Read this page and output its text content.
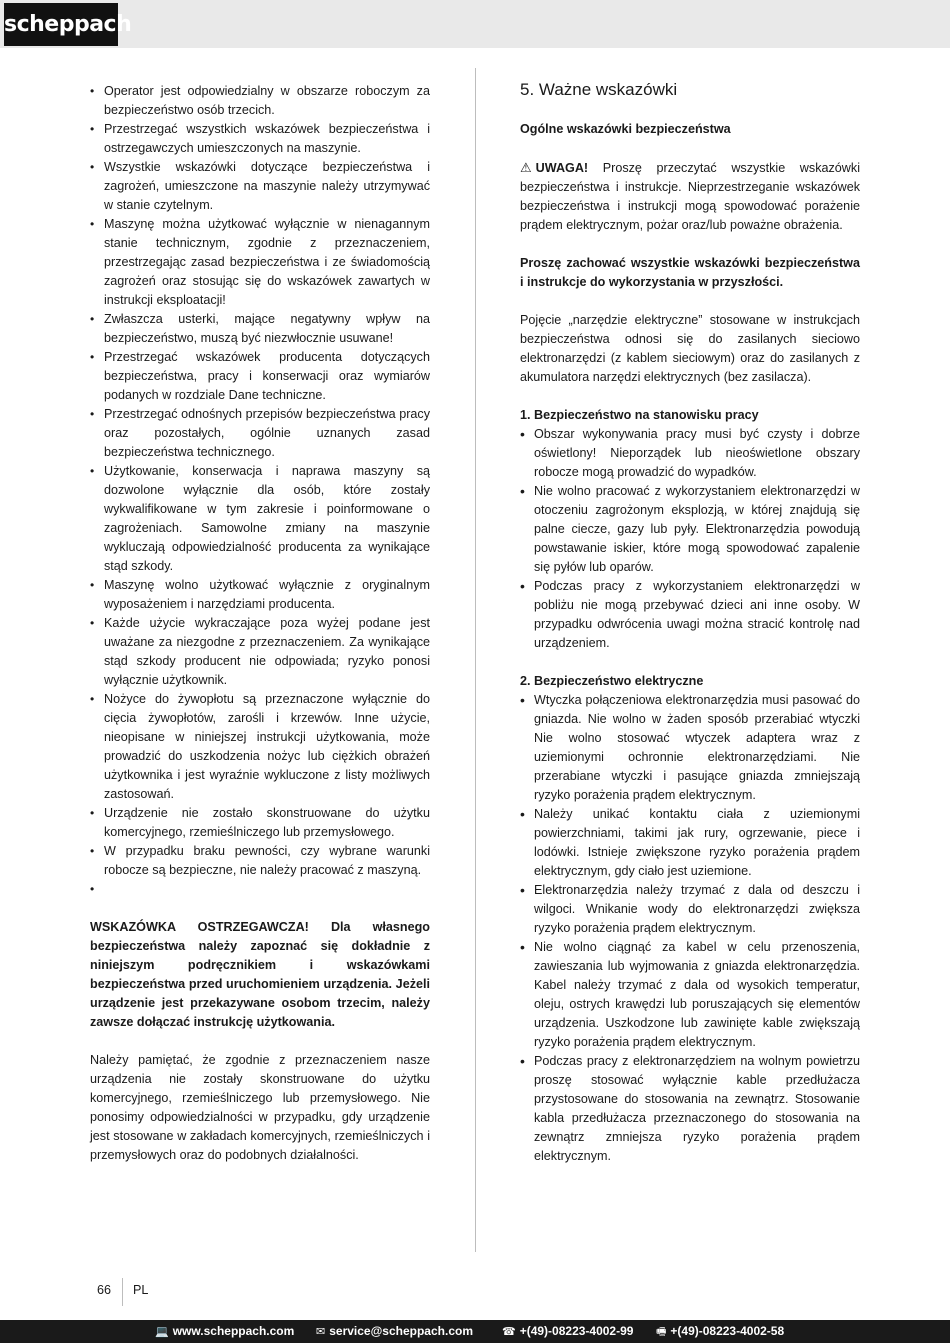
scheppach
• Operator jest odpowiedzialny w obszarze roboczym za bezpieczeństwo osób trzecich.
• Przestrzegać wszystkich wskazówek bezpieczeństwa i ostrzegawczych umieszczonych na maszynie.
• Wszystkie wskazówki dotyczące bezpieczeństwa i zagrożeń, umieszczone na maszynie należy utrzymywać w stanie czytelnym.
• Maszynę można użytkować wyłącznie w nienagannym stanie technicznym, zgodnie z przeznaczeniem, przestrzegając zasad bezpieczeństwa i ze świadomością zagrożeń oraz stosując się do wskazówek zawartych w instrukcji eksploatacji!
• Zwłaszcza usterki, mające negatywny wpływ na bezpieczeństwo, muszą być niezwłocznie usuwane!
• Przestrzegać wskazówek producenta dotyczących bezpieczeństwa, pracy i konserwacji oraz wymiarów podanych w rozdziale Dane techniczne.
• Przestrzegać odnośnych przepisów bezpieczeństwa pracy oraz pozostałych, ogólnie uznanych zasad bezpieczeństwa technicznego.
• Użytkowanie, konserwacja i naprawa maszyny są dozwolone wyłącznie dla osób, które zostały wykwalifikowane w tym zakresie i poinformowane o zagrożeniach. Samowolne zmiany na maszynie wykluczają odpowiedzialność producenta za wynikające stąd szkody.
• Maszynę wolno użytkować wyłącznie z oryginalnym wyposażeniem i narzędziami producenta.
• Każde użycie wykraczające poza wyżej podane jest uważane za niezgodne z przeznaczeniem. Za wynikające stąd szkody producent nie odpowiada; ryzyko ponosi wyłącznie użytkownik.
• Nożyce do żywopłotu są przeznaczone wyłącznie do cięcia żywopłotów, zarośli i krzewów. Inne użycie, nieopisane w niniejszej instrukcji użytkowania, może prowadzić do uszkodzenia nożyc lub ciężkich obrażeń użytkownika i jest wyraźnie wykluczone z listy możliwych zastosowań.
• Urządzenie nie zostało skonstruowane do użytku komercyjnego, rzemieślniczego lub przemysłowego.
• W przypadku braku pewności, czy wybrane warunki robocze są bezpieczne, nie należy pracować z maszyną.
•

WSKAZÓWKA OSTRZEGAWCZA! Dla własnego bezpieczeństwa należy zapoznać się dokładnie z niniejszym podręcznikiem i wskazówkami bezpieczeństwa przed uruchomieniem urządzenia. Jeżeli urządzenie jest przekazywane osobom trzecim, należy zawsze dołączać instrukcję użytkowania.

Należy pamiętać, że zgodnie z przeznaczeniem nasze urządzenia nie zostały skonstruowane do użytku komercyjnego, rzemieślniczego lub przemysłowego. Nie ponosimy odpowiedzialności w przypadku, gdy urządzenie jest stosowane w zakładach komercyjnych, rzemieślniczych i przemysłowych oraz do podobnych działalności.

5. Ważne wskazówki

Ogólne wskazówki bezpieczeństwa

⚠ UWAGA! Proszę przeczytać wszystkie wskazówki bezpieczeństwa i instrukcje. Nieprzestrzeganie wskazówek bezpieczeństwa i instrukcji mogą spowodować porażenie prądem elektrycznym, pożar oraz/lub poważne obrażenia.

Proszę zachować wszystkie wskazówki bezpieczeństwa i instrukcje do wykorzystania w przyszłości.

Pojęcie „narzędzie elektryczne” stosowane w instrukcjach bezpieczeństwa odnosi się do zasilanych sieciowo elektronarzędzi (z kablem sieciowym) oraz do zasilanych z akumulatora narzędzi elektrycznych (bez zasilacza).

1. Bezpieczeństwo na stanowisku pracy
• Obszar wykonywania pracy musi być czysty i dobrze oświetlony! Nieporządek lub nieoświetlone obszary robocze mogą prowadzić do wypadków.
• Nie wolno pracować z wykorzystaniem elektronarzędzi w otoczeniu zagrożonym eksplozją, w której znajdują się palne ciecze, gazy lub pyły. Elektronarzędzia powodują powstawanie iskier, które mogą spowodować zapalenie się pyłów lub oparów.
• Podczas pracy z wykorzystaniem elektronarzędzi w pobliżu nie mogą przebywać dzieci ani inne osoby. W przypadku odwrócenia uwagi można stracić kontrolę nad urządzeniem.
2. Bezpieczeństwo elektryczne
• Wtyczka połączeniowa elektronarzędzia musi pasować do gniazda. Nie wolno w żaden sposób przerabiać wtyczki Nie wolno stosować wtyczek adaptera wraz z uziemionymi ochronnie elektronarzędziami. Nie przerabiane wtyczki i pasujące gniazda zmniejszają ryzyko porażenia prądem elektrycznym.
• Należy unikać kontaktu ciała z uziemionymi powierzchniami, takimi jak rury, ogrzewanie, piece i lodówki. Istnieje zwiększone ryzyko porażenia prądem elektrycznym, gdy ciało jest uziemione.
• Elektronarzędzia należy trzymać z dala od deszczu i wilgoci. Wnikanie wody do elektronarzędzi zwiększa ryzyko porażenia prądem elektrycznym.
• Nie wolno ciągnąć za kabel w celu przenoszenia, zawieszania lub wyjmowania z gniazda elektronarzędzia. Kabel należy trzymać z dala od wysokich temperatur, oleju, ostrych krawędzi lub poruszających się elementów urządzenia. Uszkodzone lub zawinięte kable zwiększają ryzyko porażenia prądem elektrycznym.
• Podczas pracy z elektronarzędziem na wolnym powietrzu proszę stosować wyłącznie kable przedłużacza przystosowane do stosowania na zewnątrz. Stosowanie kabla przedłużacza przeznaczonego do stosowania na zewnątrz zmniejsza ryzyko porażenia prądem elektrycznym.
66 PL
💻 www.scheppach.com ✉ service@scheppach.com	☎ +(49)-08223-4002-99 🖷 +(49)-08223-4002-58
